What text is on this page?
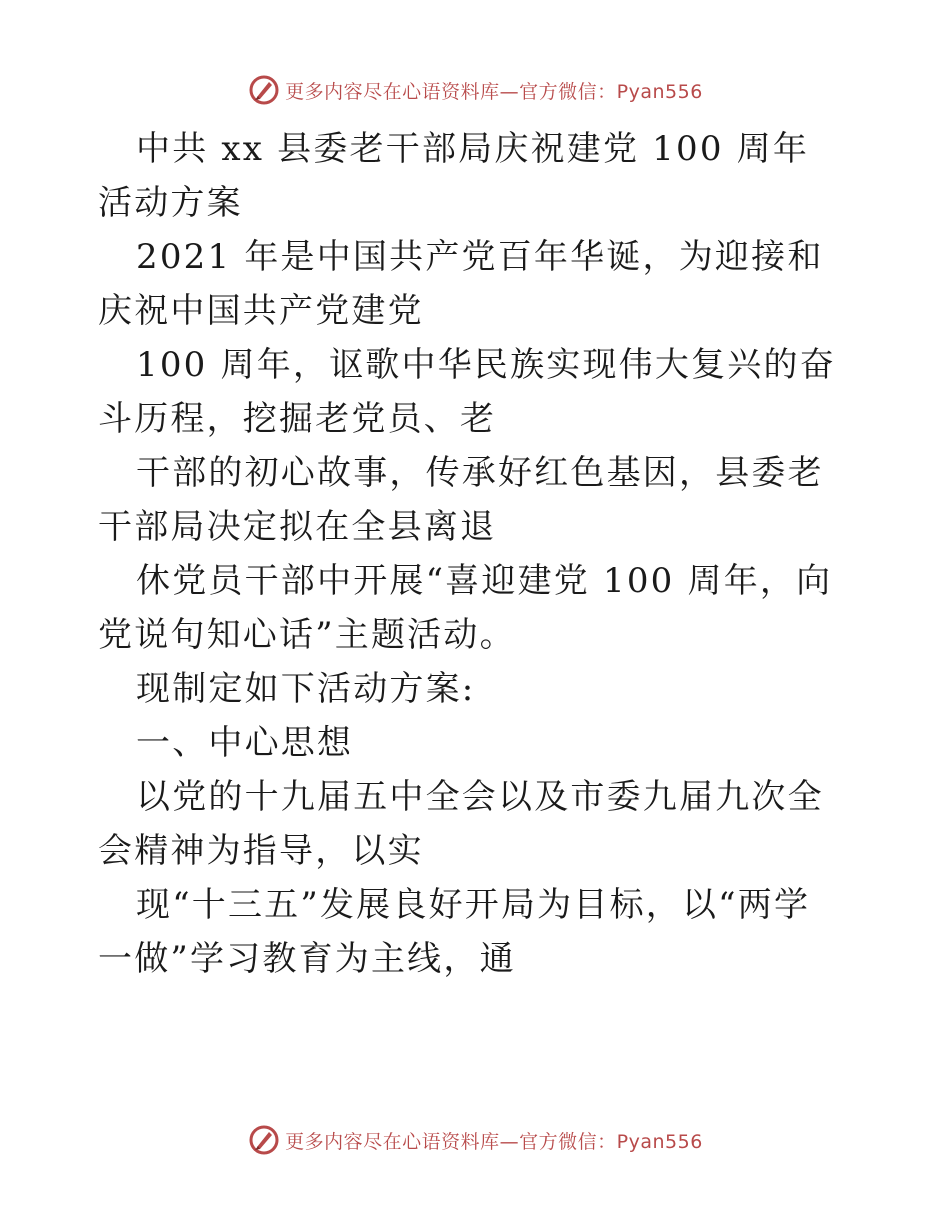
更多内容尽在心语资料库—官方微信：Pyan556

中共 xx 县委老干部局庆祝建党 100 周年活动方案

2021 年是中国共产党百年华诞，为迎接和庆祝中国共产党建党

100 周年，讴歌中华民族实现伟大复兴的奋斗历程，挖掘老党员、老

干部的初心故事，传承好红色基因，县委老干部局决定拟在全县离退

休党员干部中开展“喜迎建党 100 周年，向党说句知心话”主题活动。

现制定如下活动方案:

一、中心思想

以党的十九届五中全会以及市委九届九次全会精神为指导，以实

现“十三五”发展良好开局为目标，以“两学一做”学习教育为主线，通

更多内容尽在心语资料库—官方微信：Pyan556
